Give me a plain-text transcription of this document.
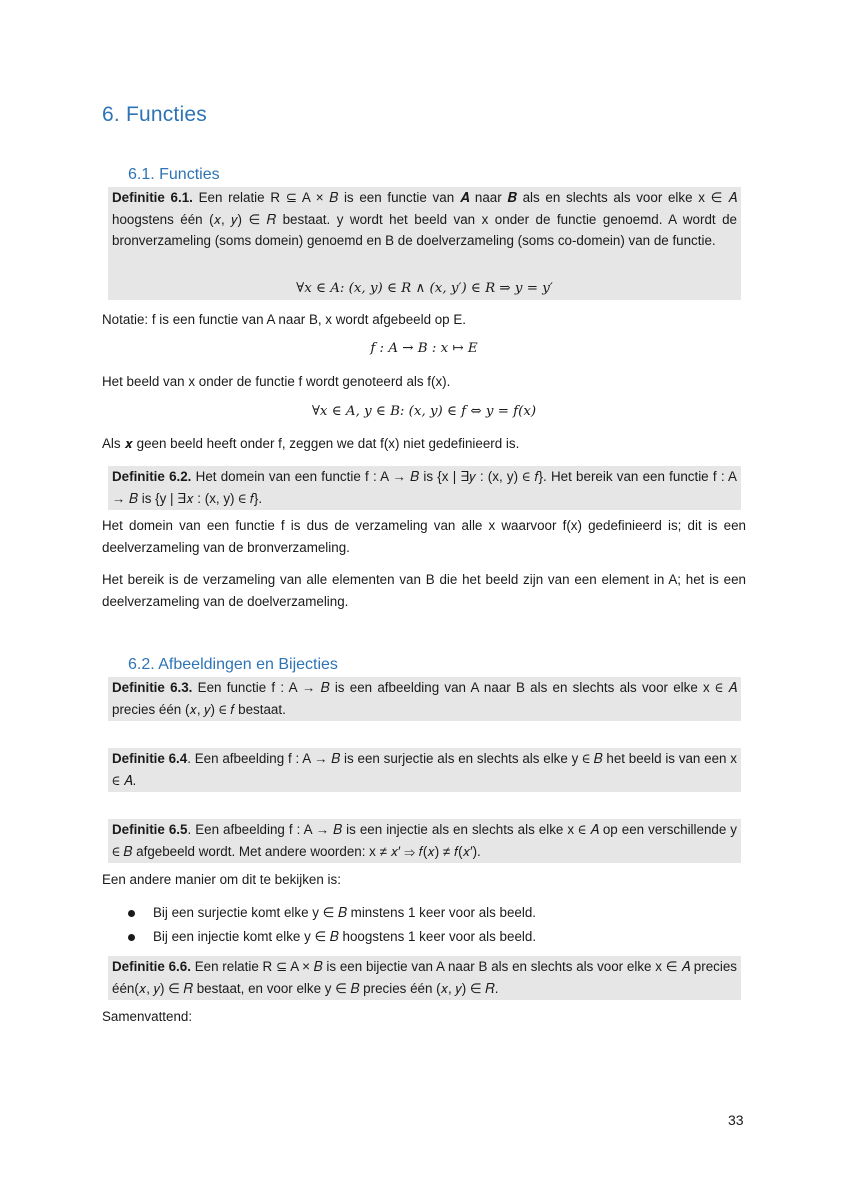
6. Functies
6.1. Functies
Definitie 6.1. Een relatie R ⊆ A × 𝐵 is een functie van 𝑨 naar 𝑩 als en slechts als voor elke x ∈ 𝐴 hoogstens één (𝑥, 𝑦) ∈ 𝑅 bestaat. y wordt het beeld van x onder de functie genoemd. A wordt de bronverzameling (soms domein) genoemd en B de doelverzameling (soms co-domein) van de functie.
∀𝑥 ∈ 𝐴: (𝑥, 𝑦) ∈ 𝑅 ∧ (𝑥, 𝑦′) ∈ 𝑅 ⇒ 𝑦 = 𝑦′
Notatie: f is een functie van A naar B, x wordt afgebeeld op E.
f : A → 𝐵 : x ↦ 𝐸
Het beeld van x onder de functie f wordt genoteerd als f(x).
∀𝑥 ∈ 𝐴, y ∈ 𝐵: (𝑥, 𝑦) ∈ 𝑓 ⇔ 𝑦 = f(𝑥)
Als 𝒙 geen beeld heeft onder f, zeggen we dat f(x) niet gedefinieerd is.
Definitie 6.2. Het domein van een functie f : A → 𝐵 is {x | ∃𝑦 : (x, y) ∈ 𝑓}. Het bereik van een functie f : A → 𝐵 is {y | ∃𝑥 : (x, y) ∈ 𝑓}.
Het domein van een functie f is dus de verzameling van alle x waarvoor f(x) gedefinieerd is; dit is een deelverzameling van de bronverzameling.
Het bereik is de verzameling van alle elementen van B die het beeld zijn van een element in A; het is een deelverzameling van de doelverzameling.
6.2. Afbeeldingen en Bijecties
Definitie 6.3. Een functie f : A → 𝐵 is een afbeelding van A naar B als en slechts als voor elke x ∈ 𝐴 precies één (𝑥, 𝑦) ∈ 𝑓 bestaat.
Definitie 6.4. Een afbeelding f : A → 𝐵 is een surjectie als en slechts als elke y ∈ 𝐵 het beeld is van een x ∈ 𝐴.
Definitie 6.5. Een afbeelding f : A → 𝐵 is een injectie als en slechts als elke x ∈ 𝐴 op een verschillende y ∈ 𝐵 afgebeeld wordt. Met andere woorden: x ≠ 𝑥′ ⇒ 𝑓(𝑥) ≠ 𝑓(𝑥′).
Een andere manier om dit te bekijken is:
Bij een surjectie komt elke y ∈ 𝐵 minstens 1 keer voor als beeld.
Bij een injectie komt elke y ∈ 𝐵 hoogstens 1 keer voor als beeld.
Definitie 6.6. Een relatie R ⊆ A × 𝐵 is een bijectie van A naar B als en slechts als voor elke x ∈ 𝐴 precies één(𝑥, 𝑦) ∈ 𝑅 bestaat, en voor elke y ∈ 𝐵 precies één (𝑥, 𝑦) ∈ 𝑅.
Samenvattend:
33
